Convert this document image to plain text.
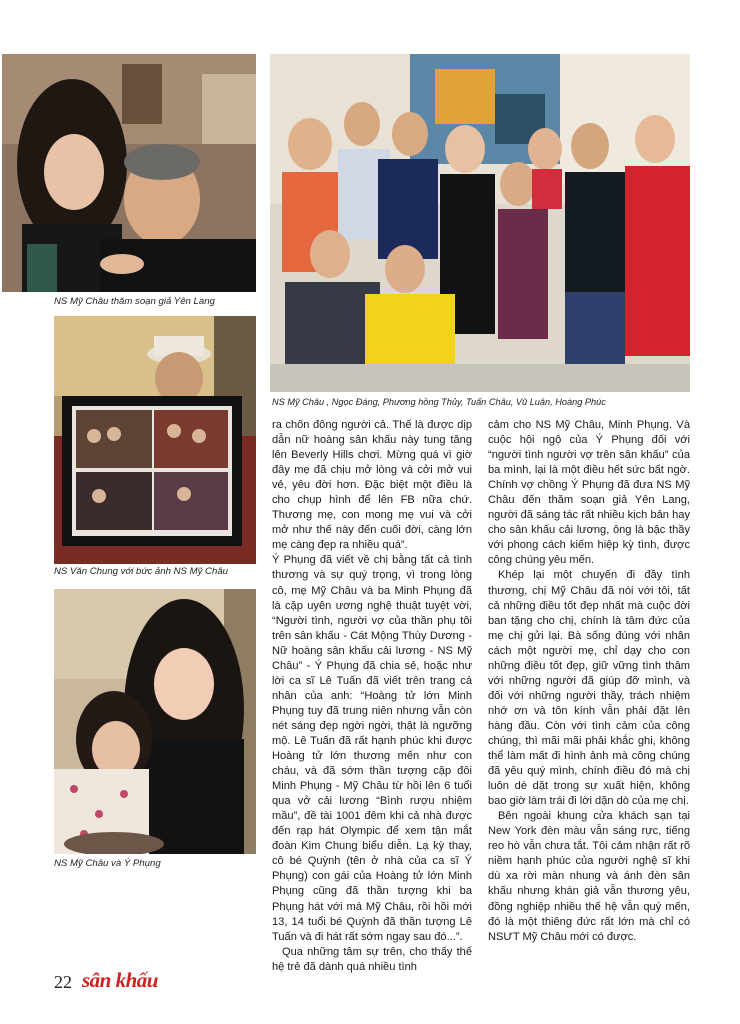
NS Mỹ Châu thăm soạn giả Yên Lang
NS Văn Chung với bức ảnh NS Mỹ Châu
NS Mỹ Châu và Ý Phụng
NS Mỹ Châu , Ngọc Đáng, Phương hồng Thủy, Tuấn Châu, Vũ Luân, Hoàng Phúc

ra chốn đông người cả. Thế là được dịp dẫn nữ hoàng sân khấu này tung tăng lên Beverly Hills chơi. Mừng quá vì giờ đây mẹ đã chịu mở lòng và cởi mở vui vẻ, yêu đời hơn. Đặc biệt một điều là cho chụp hình để lên FB nữa chứ. Thương mẹ, con mong mẹ vui và cởi mở như thế này đến cuối đời, càng lớn mẹ càng đẹp ra nhiều quá”.

Ý Phụng đã viết về chị bằng tất cả tình thương và sự quý trọng, vì trong lòng cô, mẹ Mỹ Châu và ba Minh Phụng đã là cặp uyên ương nghệ thuật tuyệt vời, “Người tình, người vợ của thần phụ tôi trên sân khấu - Cát Mộng Thùy Dương - Nữ hoàng sân khấu cải lương - NS Mỹ Châu” - Ý Phụng đã chia sẻ, hoặc như lời ca sĩ Lê Tuấn đã viết trên trang cá nhân của anh: “Hoàng tử lớn Minh Phụng tuy đã trung niên nhưng vẫn còn nét sáng đẹp ngời ngời, thật là ngưỡng mộ. Lê Tuấn đã rất hạnh phúc khi được Hoàng tử lớn thương mến như con cháu, và đã sớm thần tượng cặp đôi Minh Phụng - Mỹ Châu từ hồi lên 6 tuổi qua vở cải lương “Bình rượu nhiệm mầu”, đề tài 1001 đêm khi cả nhà được đến rạp hát Olympic để xem tận mắt đoàn Kim Chung biểu diễn. Lạ kỳ thay, cô bé Quỳnh (tên ở nhà của ca sĩ Ý Phụng) con gái của Hoàng tử lớn Minh Phụng cũng đã thần tượng khi ba Phụng hát với má Mỹ Châu, rồi hồi mới 13, 14 tuổi bé Quỳnh đã thần tượng Lê Tuấn và đi hát rất sớm ngay sau đó...”.

Qua những tâm sự trên, cho thấy thế hệ trẻ đã dành quá nhiều tình

cảm cho NS Mỹ Châu, Minh Phụng. Và cuộc hội ngộ của Ý Phụng đối với “người tình người vợ trên sân khấu” của ba mình, lại là một điều hết sức bất ngờ. Chính vợ chồng Ý Phụng đã đưa NS Mỹ Châu đến thăm soạn giả Yên Lang, người đã sáng tác rất nhiều kịch bản hay cho sân khấu cải lương, ông là bậc thầy với phong cách kiếm hiệp kỳ tình, được công chúng yêu mến.

Khép lại một chuyến đi đầy tình thương, chị Mỹ Châu đã nói với tôi, tất cả những điều tốt đẹp nhất mà cuộc đời ban tặng cho chị, chính là tâm đức của mẹ chị gửi lại. Bà sống đúng với nhân cách một người mẹ, chỉ dạy cho con những điều tốt đẹp, giữ vững tình thâm với những người đã giúp đỡ mình, và đối với những người thầy, trách nhiệm nhớ ơn và tôn kính vẫn phải đặt lên hàng đầu. Còn với tình cảm của công chúng, thì mãi mãi phải khắc ghi, không thể làm mất đi hình ảnh mà công chúng đã yêu quý mình, chính điều đó mà chị luôn dè dặt trong sự xuất hiện, không bao giờ làm trái đi lời dặn dò của mẹ chị.

Bên ngoài khung cửa khách sạn tại New York đèn màu vẫn sáng rực, tiếng reo hò vẫn chưa tắt. Tôi cảm nhận rất rõ niềm hạnh phúc của người nghệ sĩ khi dù xa rời màn nhung và ánh đèn sân khấu nhưng khán giả vẫn thương yêu, đồng nghiệp nhiều thế hệ vẫn quý mến, đó là một thiêng đức rất lớn mà chỉ có NSƯT Mỹ Châu mới có được.

22 sân khấu
